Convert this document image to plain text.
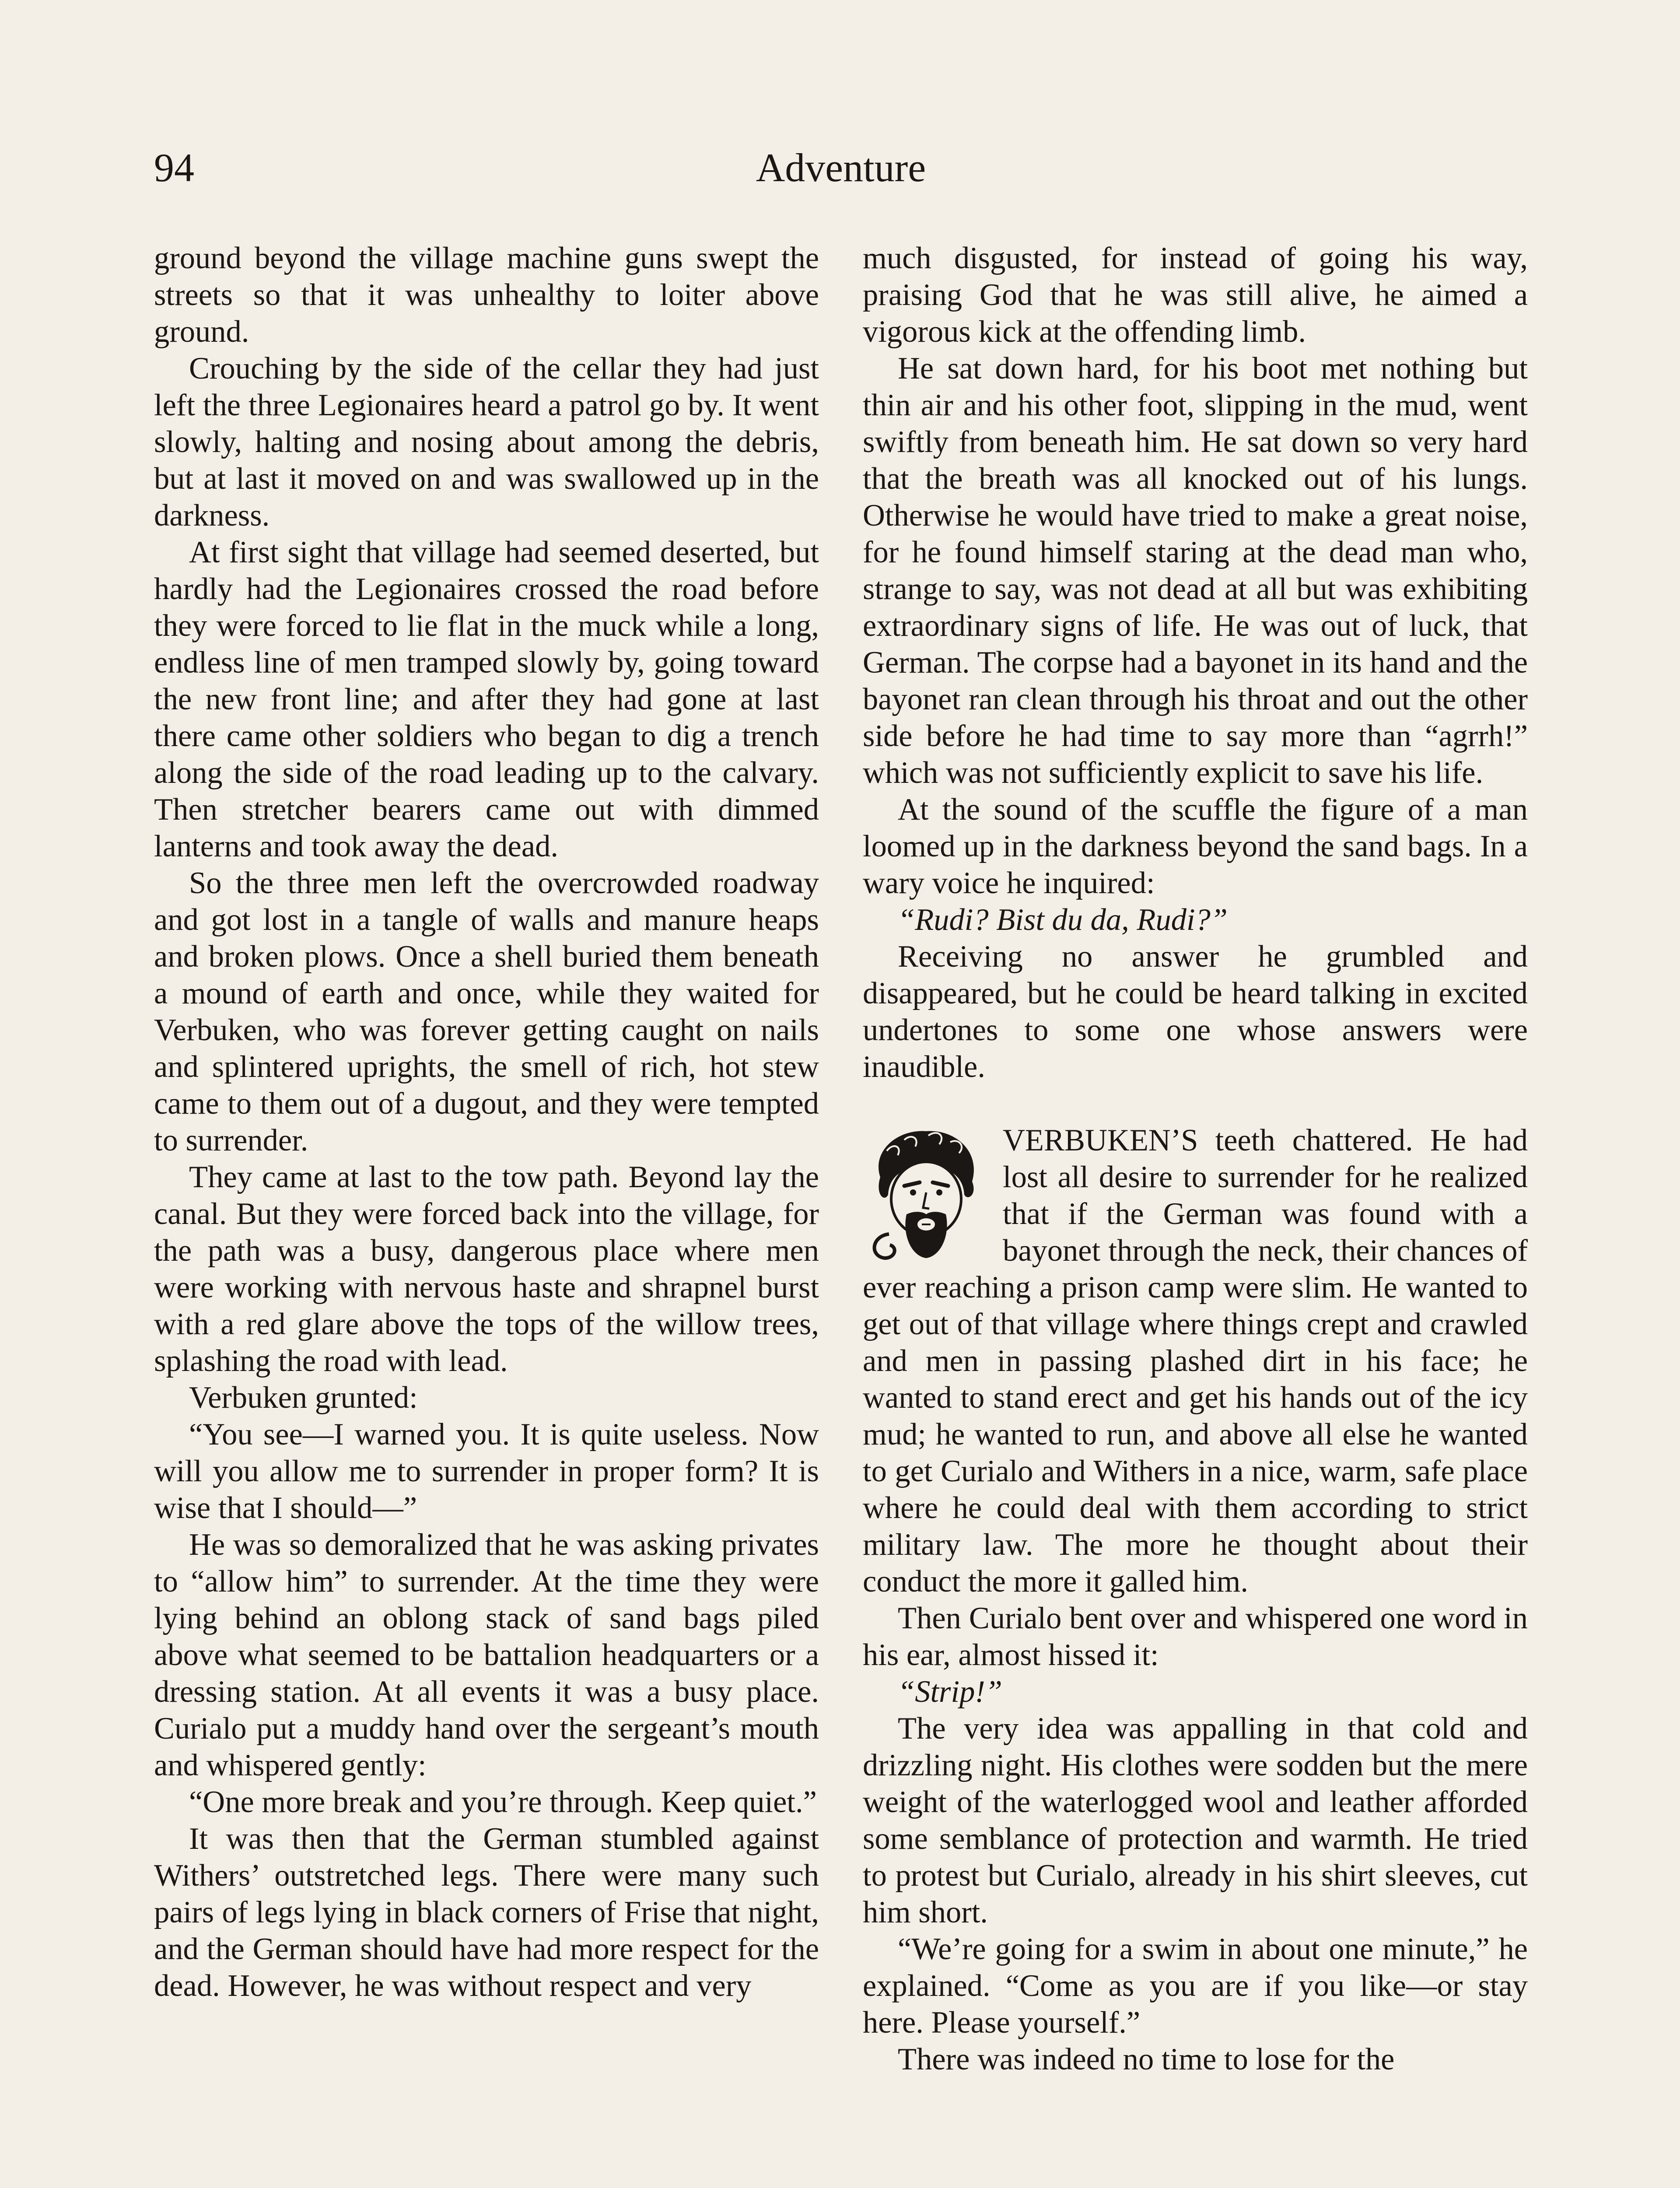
94	Adventure

ground beyond the village machine guns swept the streets so that it was unhealthy to loiter above ground.

Crouching by the side of the cellar they had just left the three Legionaires heard a patrol go by. It went slowly, halting and nosing about among the debris, but at last it moved on and was swallowed up in the darkness.

At first sight that village had seemed deserted, but hardly had the Legionaires crossed the road before they were forced to lie flat in the muck while a long, endless line of men tramped slowly by, going toward the new front line; and after they had gone at last there came other soldiers who began to dig a trench along the side of the road leading up to the calvary. Then stretcher bearers came out with dimmed lanterns and took away the dead.

So the three men left the overcrowded roadway and got lost in a tangle of walls and manure heaps and broken plows. Once a shell buried them beneath a mound of earth and once, while they waited for Verbuken, who was forever getting caught on nails and splintered uprights, the smell of rich, hot stew came to them out of a dugout, and they were tempted to surrender.

They came at last to the tow path. Beyond lay the canal. But they were forced back into the village, for the path was a busy, dangerous place where men were working with nervous haste and shrapnel burst with a red glare above the tops of the willow trees, splashing the road with lead.

Verbuken grunted:

“You see—I warned you. It is quite useless. Now will you allow me to surrender in proper form? It is wise that I should—”

He was so demoralized that he was asking privates to “allow him” to surrender. At the time they were lying behind an oblong stack of sand bags piled above what seemed to be battalion headquarters or a dressing station. At all events it was a busy place. Curialo put a muddy hand over the sergeant’s mouth and whispered gently:

“One more break and you’re through. Keep quiet.”

It was then that the German stumbled against Withers’ outstretched legs. There were many such pairs of legs lying in black corners of Frise that night, and the German should have had more respect for the dead. However, he was without respect and very

much disgusted, for instead of going his way, praising God that he was still alive, he aimed a vigorous kick at the offending limb.

He sat down hard, for his boot met nothing but thin air and his other foot, slipping in the mud, went swiftly from beneath him. He sat down so very hard that the breath was all knocked out of his lungs. Otherwise he would have tried to make a great noise, for he found himself staring at the dead man who, strange to say, was not dead at all but was exhibiting extraordinary signs of life. He was out of luck, that German. The corpse had a bayonet in its hand and the bayonet ran clean through his throat and out the other side before he had time to say more than “agrrh!” which was not sufficiently explicit to save his life.

At the sound of the scuffle the figure of a man loomed up in the darkness beyond the sand bags. In a wary voice he inquired:

“Rudi? Bist du da, Rudi?”

Receiving no answer he grumbled and disappeared, but he could be heard talking in excited undertones to some one whose answers were inaudible.

VERBUKEN’S teeth chattered. He had lost all desire to surrender for he realized that if the German was found with a bayonet through the neck, their chances of ever reaching a prison camp were slim. He wanted to get out of that village where things crept and crawled and men in passing plashed dirt in his face; he wanted to stand erect and get his hands out of the icy mud; he wanted to run, and above all else he wanted to get Curialo and Withers in a nice, warm, safe place where he could deal with them according to strict military law. The more he thought about their conduct the more it galled him.

Then Curialo bent over and whispered one word in his ear, almost hissed it:

“Strip!”

The very idea was appalling in that cold and drizzling night. His clothes were sodden but the mere weight of the waterlogged wool and leather afforded some semblance of protection and warmth. He tried to protest but Curialo, already in his shirt sleeves, cut him short.

“We’re going for a swim in about one minute,” he explained. “Come as you are if you like—or stay here. Please yourself.”

There was indeed no time to lose for the
